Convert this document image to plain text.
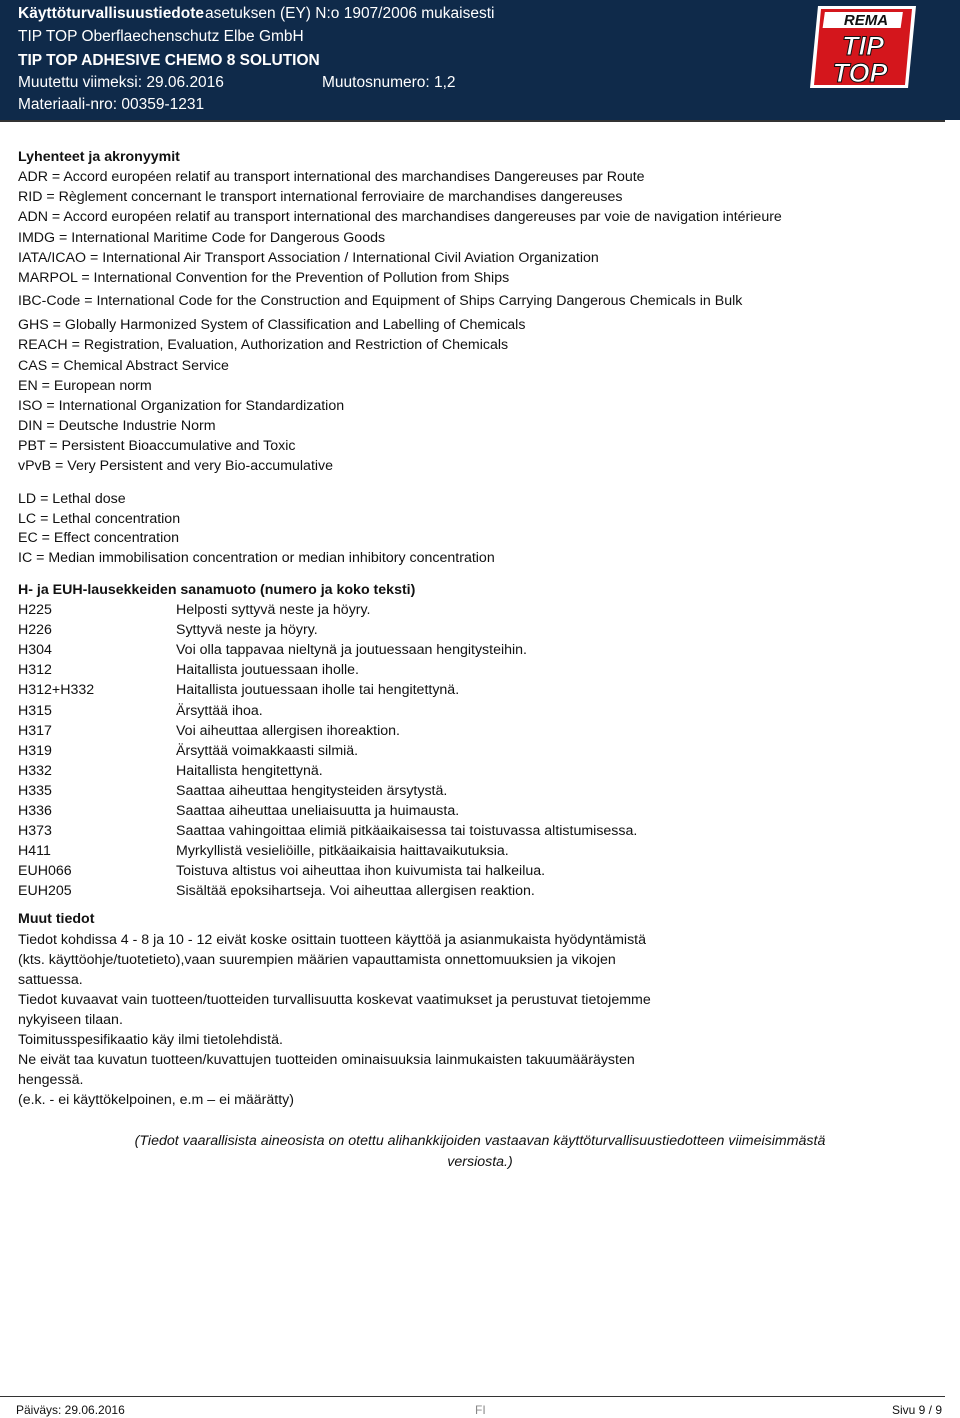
Käyttöturvallisuustiedote asetuksen (EY) N:o 1907/2006 mukaisesti
TIP TOP Oberflaechenschutz Elbe GmbH
TIP TOP ADHESIVE CHEMO 8 SOLUTION
Muutettu viimeksi: 29.06.2016	Muutosnumero: 1,2
Materiaali-nro: 00359-1231
REMA
TIP
TOP
Lyhenteet ja akronyymit
ADR = Accord européen relatif au transport international des marchandises Dangereuses par Route
RID = Règlement concernant le transport international ferroviaire de marchandises dangereuses
ADN = Accord européen relatif au transport international des marchandises dangereuses par voie de navigation intérieure
IMDG = International Maritime Code for Dangerous Goods
IATA/ICAO = International Air Transport Association / International Civil Aviation Organization
MARPOL = International Convention for the Prevention of Pollution from Ships
IBC-Code = International Code for the Construction and Equipment of Ships Carrying Dangerous Chemicals in Bulk
GHS = Globally Harmonized System of Classification and Labelling of Chemicals
REACH = Registration, Evaluation, Authorization and Restriction of Chemicals
CAS = Chemical Abstract Service
EN = European norm
ISO = International Organization for Standardization
DIN = Deutsche Industrie Norm
PBT = Persistent Bioaccumulative and Toxic
vPvB = Very Persistent and very Bio-accumulative
LD = Lethal dose
LC = Lethal concentration
EC = Effect concentration
IC = Median immobilisation concentration or median inhibitory concentration
H- ja EUH-lausekkeiden sanamuoto (numero ja koko teksti)
H225	Helposti syttyvä neste ja höyry.
H226	Syttyvä neste ja höyry.
H304	Voi olla tappavaa nieltynä ja joutuessaan hengitysteihin.
H312	Haitallista joutuessaan iholle.
H312+H332	Haitallista joutuessaan iholle tai hengitettynä.
H315	Ärsyttää ihoa.
H317	Voi aiheuttaa allergisen ihoreaktion.
H319	Ärsyttää voimakkaasti silmiä.
H332	Haitallista hengitettynä.
H335	Saattaa aiheuttaa hengitysteiden ärsytystä.
H336	Saattaa aiheuttaa uneliaisuutta ja huimausta.
H373	Saattaa vahingoittaa elimiä pitkäaikaisessa tai toistuvassa altistumisessa.
H411	Myrkyllistä vesieliöille, pitkäaikaisia haittavaikutuksia.
EUH066	Toistuva altistus voi aiheuttaa ihon kuivumista tai halkeilua.
EUH205	Sisältää epoksihartseja. Voi aiheuttaa allergisen reaktion.
Muut tiedot
Tiedot kohdissa 4 - 8 ja 10 - 12 eivät koske osittain tuotteen käyttöä ja asianmukaista hyödyntämistä
(kts. käyttöohje/tuotetieto),vaan suurempien määrien vapauttamista onnettomuuksien ja vikojen
sattuessa.
Tiedot kuvaavat vain tuotteen/tuotteiden turvallisuutta koskevat vaatimukset ja perustuvat tietojemme
nykyiseen tilaan.
Toimitusspesifikaatio käy ilmi tietolehdistä.
Ne eivät taa kuvatun tuotteen/kuvattujen tuotteiden ominaisuuksia lainmukaisten takuumääräysten
hengessä.
(e.k. - ei käyttökelpoinen, e.m – ei määrätty)
(Tiedot vaarallisista aineosista on otettu alihankkijoiden vastaavan käyttöturvallisuustiedotteen viimeisimmästä
versiosta.)
Päiväys: 29.06.2016	FI	Sivu 9 / 9
